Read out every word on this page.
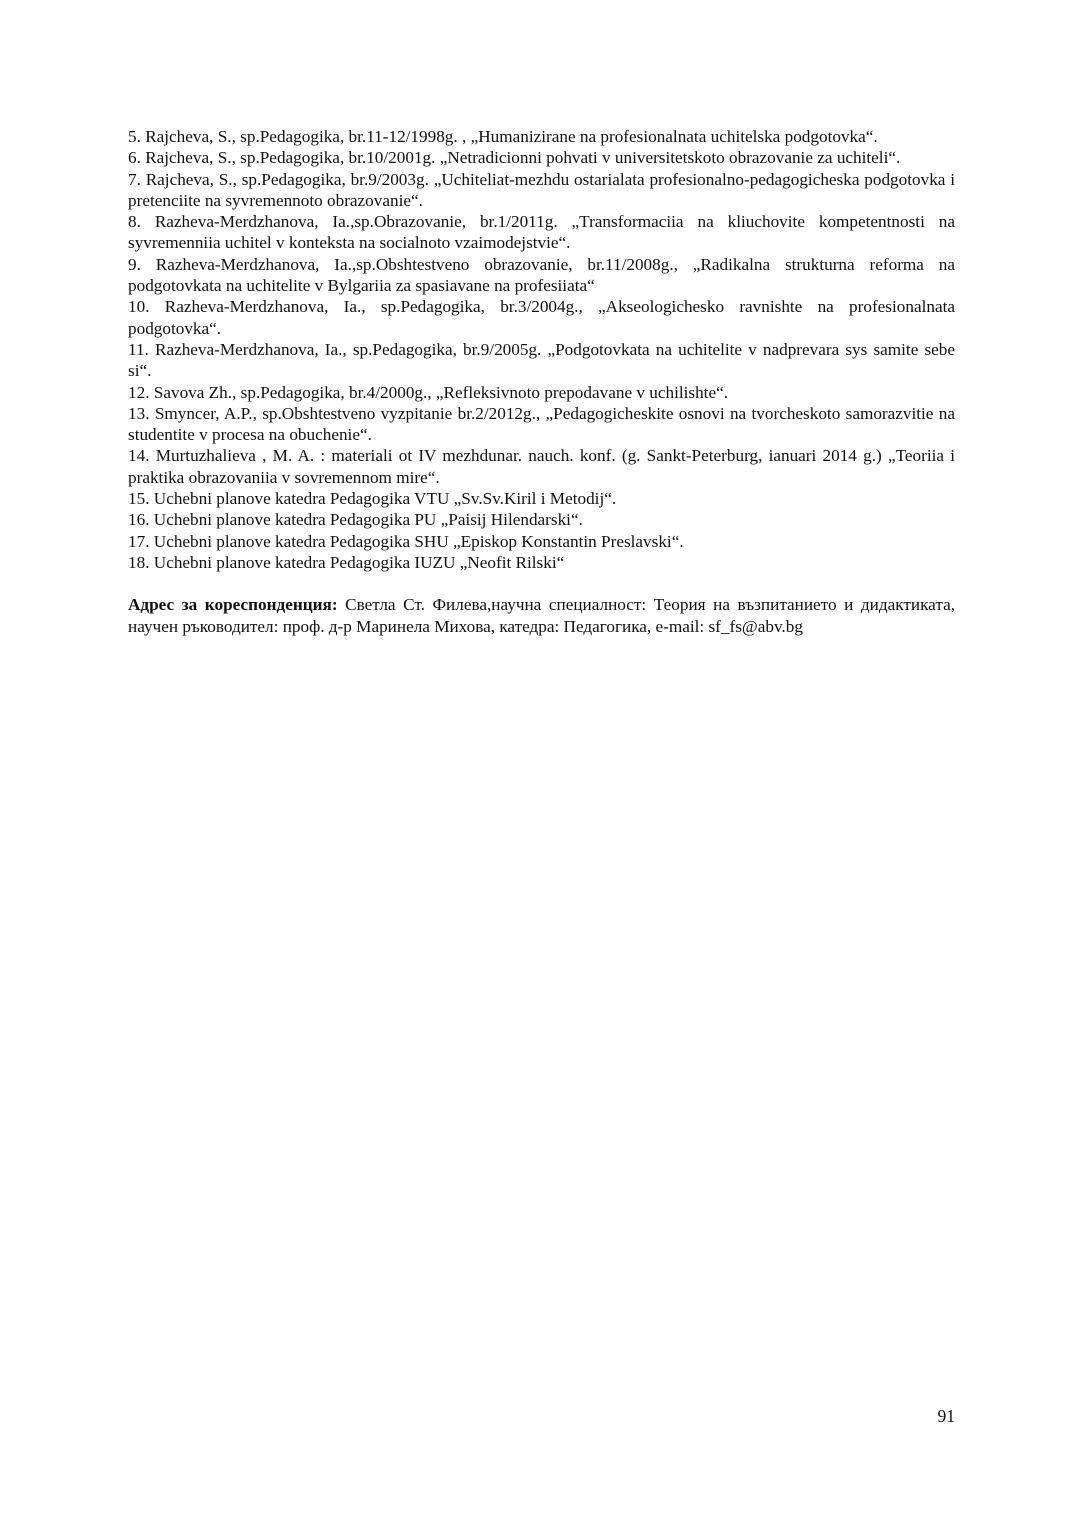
5. Rajcheva, S., sp.Pedagogika, br.11-12/1998g. , „Humanizirane na profesionalnata uchitelska podgotovka“.

6. Rajcheva, S., sp.Pedagogika, br.10/2001g. „Netradicionni pohvati v universitetskoto obrazovanie za uchiteli“.

7. Rajcheva, S., sp.Pedagogika, br.9/2003g. „Uchiteliat-mezhdu ostarialata profesionalno-pedagogicheska podgotovka i pretenciite na syvremennoto obrazovanie“.

8. Razheva-Merdzhanova, Ia.,sp.Obrazovanie, br.1/2011g. „Transformaciia na kliuchovite kompetentnosti na syvremenniia uchitel v konteksta na socialnoto vzaimodejstvie“.

9. Razheva-Merdzhanova, Ia.,sp.Obshtestveno obrazovanie, br.11/2008g., „Radikalna strukturna reforma na podgotovkata na uchitelite v Bylgariia za spasiavane na profesiiata“

10. Razheva-Merdzhanova, Ia., sp.Pedagogika, br.3/2004g., „Akseologichesko ravnishte na profesionalnata podgotovka“.

11. Razheva-Merdzhanova, Ia., sp.Pedagogika, br.9/2005g. „Podgotovkata na uchitelite v nadprevara sys samite sebe si“.

12. Savova Zh., sp.Pedagogika, br.4/2000g., „Refleksivnoto prepodavane v uchilishte“.

13. Smyncer, A.P., sp.Obshtestveno vyzpitanie br.2/2012g., „Pedagogicheskite osnovi na tvorcheskoto samorazvitie na studentite v procesa na obuchenie“.

14. Murtuzhalieva , M. A. : materiali ot IV mezhdunar. nauch. konf. (g. Sankt-Peterburg, ianuari 2014 g.) „Teoriia i praktika obrazovaniia v sovremennom mire“.

15. Uchebni planove katedra Pedagogika VTU „Sv.Sv.Kiril i Metodij“.

16. Uchebni planove katedra Pedagogika PU „Paisij Hilendarski“.

17. Uchebni planove katedra Pedagogika SHU „Episkop Konstantin Preslavski“.

18. Uchebni planove katedra Pedagogika IUZU „Neofit Rilski“

Адрес за кореспонденция: Светла Ст. Филева,научна специалност: Теория на възпитанието и дидактиката, научен ръководител: проф. д-р Маринела Михова, катедра: Педагогика, e-mail: sf_fs@abv.bg

91
